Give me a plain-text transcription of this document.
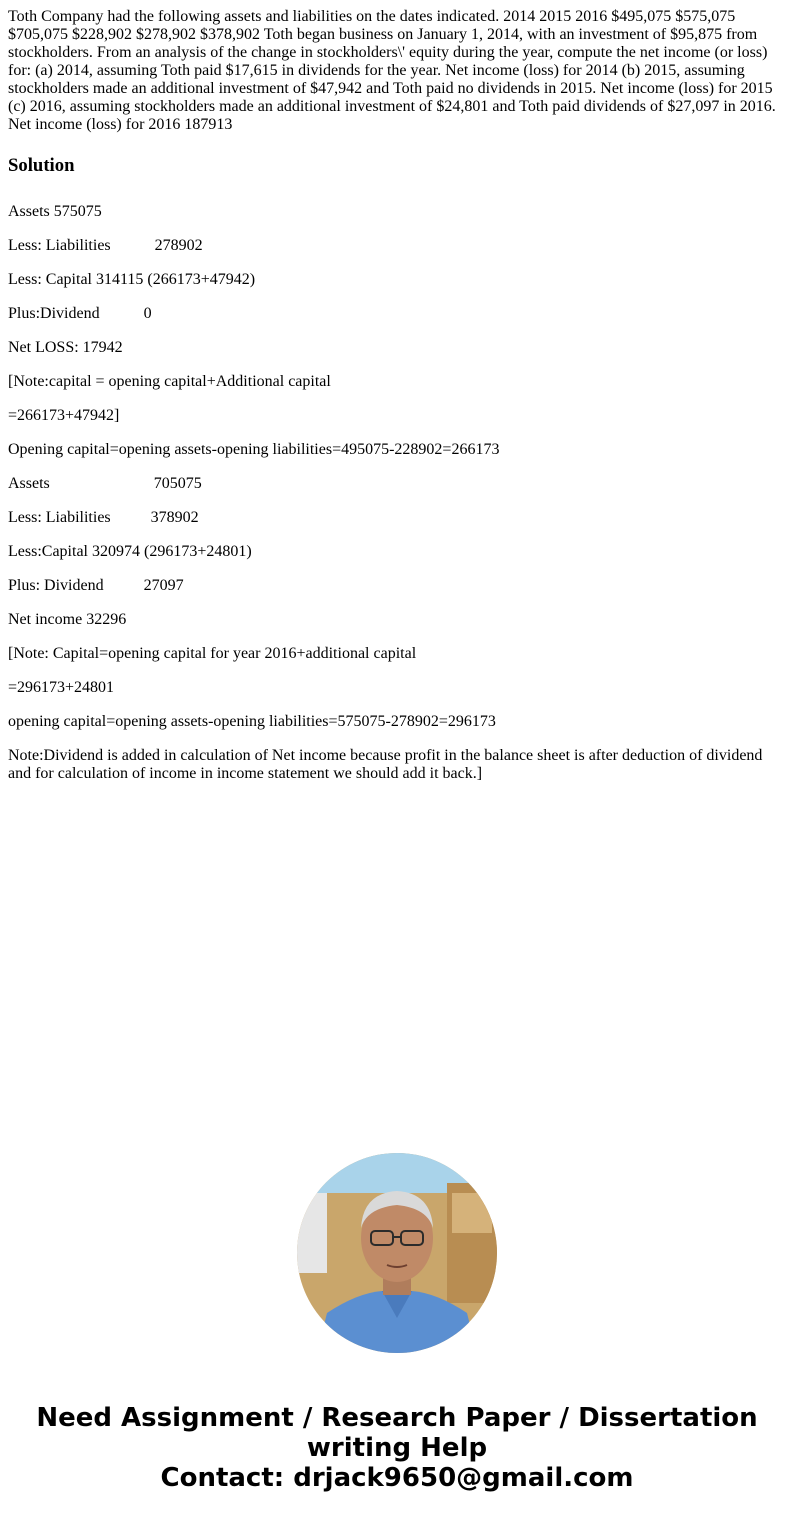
Toth Company had the following assets and liabilities on the dates indicated. 2014 2015 2016 $495,075 $575,075 $705,075 $228,902 $278,902 $378,902 Toth began business on January 1, 2014, with an investment of $95,875 from stockholders. From an analysis of the change in stockholders\' equity during the year, compute the net income (or loss) for: (a) 2014, assuming Toth paid $17,615 in dividends for the year. Net income (loss) for 2014 (b) 2015, assuming stockholders made an additional investment of $47,942 and Toth paid no dividends in 2015. Net income (loss) for 2015 (c) 2016, assuming stockholders made an additional investment of $24,801 and Toth paid dividends of $27,097 in 2016. Net income (loss) for 2016 187913

Solution

Assets 575075

Less: Liabilities           278902

Less: Capital 314115 (266173+47942)

Plus:Dividend           0

Net LOSS: 17942

[Note:capital = opening capital+Additional capital

=266173+47942]

Opening capital=opening assets-opening liabilities=495075-228902=266173

Assets                          705075

Less: Liabilities          378902

Less:Capital 320974 (296173+24801)

Plus: Dividend          27097

Net income 32296

[Note: Capital=opening capital for year 2016+additional capital

=296173+24801

opening capital=opening assets-opening liabilities=575075-278902=296173

Note:Dividend is added in calculation of Net income because profit in the balance sheet is after deduction of dividend and for calculation of income in income statement we should add it back.]

Need Assignment / Research Paper / Dissertation
writing Help
Contact: drjack9650@gmail.com
